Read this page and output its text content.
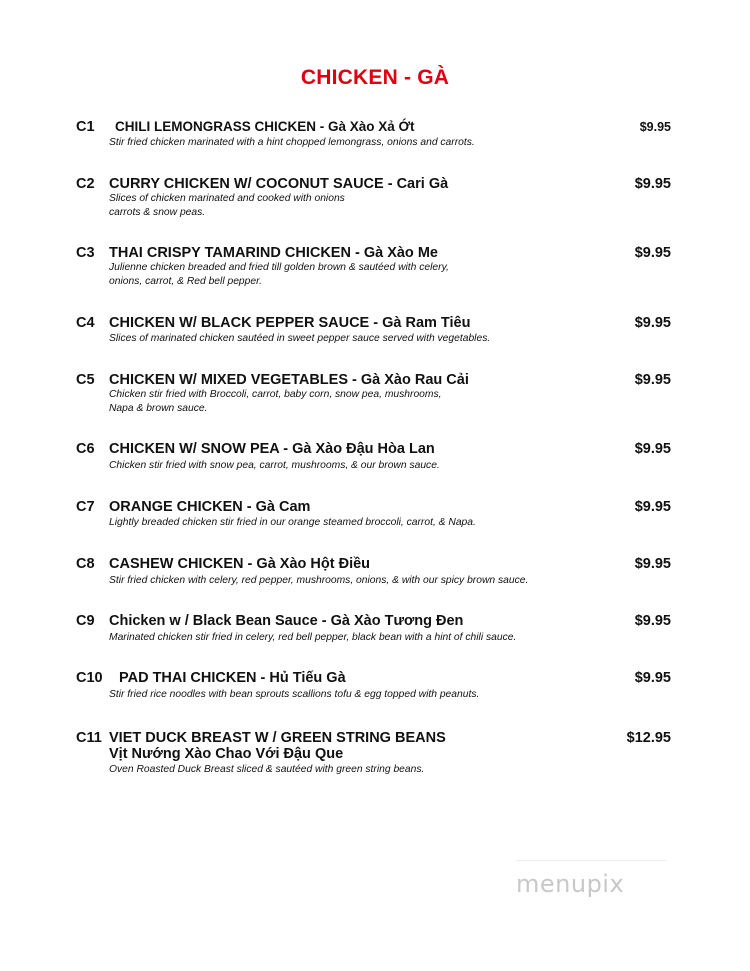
CHICKEN - GÀ
C1 CHILI LEMONGRASS CHICKEN - Gà Xào Xả Ớt	$9.95
Stir fried chicken marinated with a hint chopped lemongrass, onions and carrots.
C2 CURRY CHICKEN W/ COCONUT SAUCE - Cari Gà	$9.95
Slices of chicken marinated and cooked with onions
carrots & snow peas.
C3 THAI CRISPY TAMARIND CHICKEN - Gà Xào Me	$9.95
Julienne chicken breaded and fried till golden brown & sautéed with celery,
onions, carrot, & Red bell pepper.
C4 CHICKEN W/ BLACK PEPPER SAUCE - Gà Ram Tiêu	$9.95
Slices of marinated chicken sautéed in sweet pepper sauce served with vegetables.
C5 CHICKEN W/ MIXED VEGETABLES - Gà Xào Rau Cải	$9.95
Chicken stir fried with Broccoli, carrot, baby corn, snow pea, mushrooms,
Napa & brown sauce.
C6 CHICKEN W/ SNOW PEA - Gà Xào Đậu Hòa Lan	$9.95
Chicken stir fried with snow pea, carrot, mushrooms, & our brown sauce.
C7 ORANGE CHICKEN - Gà Cam	$9.95
Lightly breaded chicken stir fried in our orange steamed broccoli, carrot, & Napa.
C8 CASHEW CHICKEN - Gà Xào Hột Điều	$9.95
Stir fried chicken with celery, red pepper, mushrooms, onions, & with our spicy brown sauce.
C9 Chicken w / Black Bean Sauce - Gà Xào Tương Đen	$9.95
Marinated chicken stir fried in celery, red bell pepper, black bean with a hint of chili sauce.
C10 PAD THAI CHICKEN - Hủ Tiếu Gà	$9.95
Stir fried rice noodles with bean sprouts scallions tofu & egg topped with peanuts.
C11 VIET DUCK BREAST W / GREEN STRING BEANS	$12.95
Vịt Nướng Xào Chao Với Đậu Que
Oven Roasted Duck Breast sliced & sautéed with green string beans.
menupix
